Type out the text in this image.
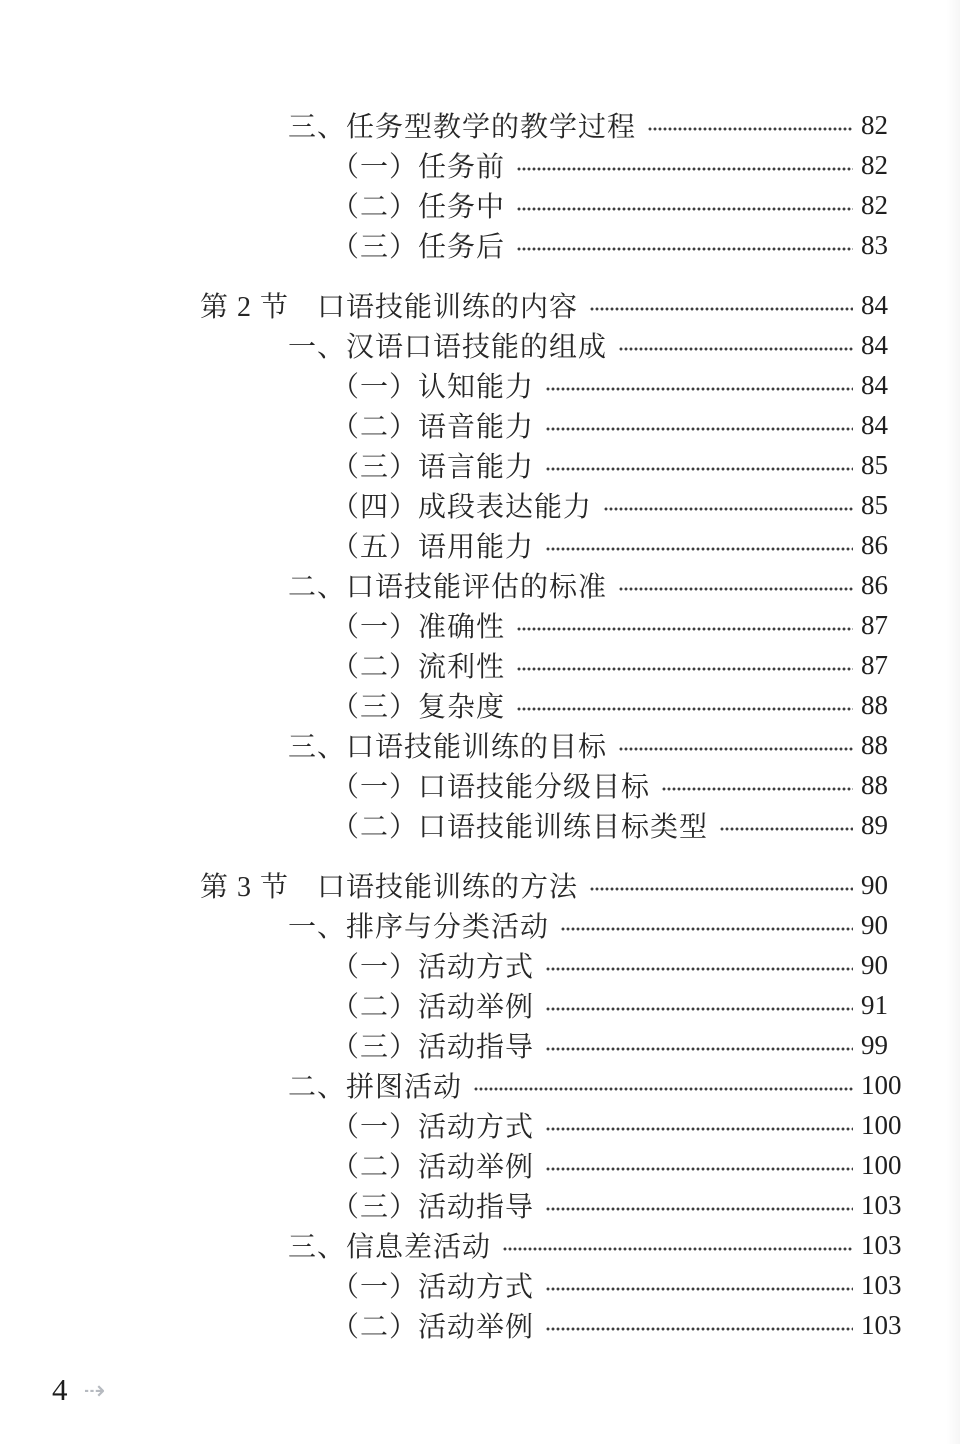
三、任务型教学的教学过程	82
（一）任务前	82
（二）任务中	82
（三）任务后	83
第 2 节 口语技能训练的内容	84
一、汉语口语技能的组成	84
（一）认知能力	84
（二）语音能力	84
（三）语言能力	85
（四）成段表达能力	85
（五）语用能力	86
二、口语技能评估的标准	86
（一）准确性	87
（二）流利性	87
（三）复杂度	88
三、口语技能训练的目标	88
（一）口语技能分级目标	88
（二）口语技能训练目标类型	89
第 3 节 口语技能训练的方法	90
一、排序与分类活动	90
（一）活动方式	90
（二）活动举例	91
（三）活动指导	99
二、拼图活动	100
（一）活动方式	100
（二）活动举例	100
（三）活动指导	103
三、信息差活动	103
（一）活动方式	103
（二）活动举例	103
4 ⇢
